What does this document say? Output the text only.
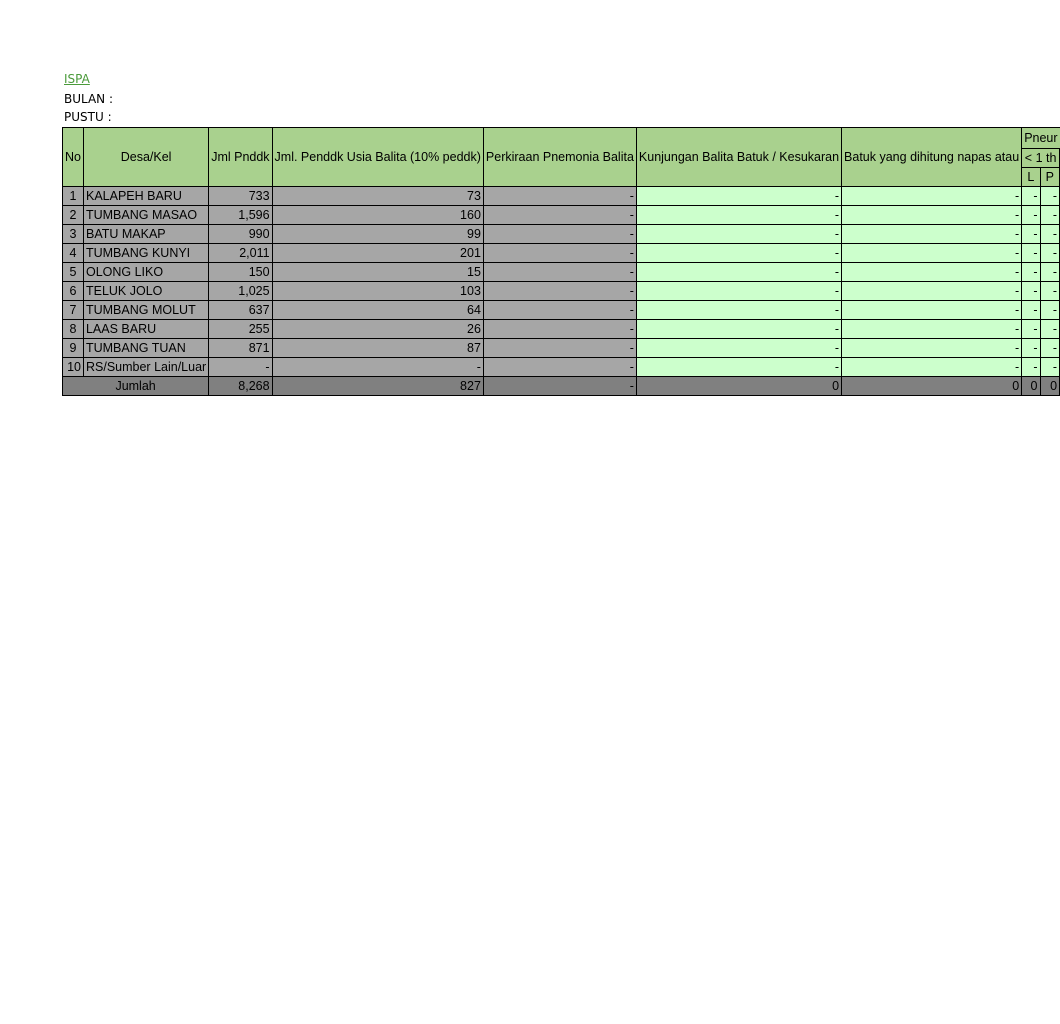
ISPA
BULAN :
PUSTU :
No	Desa/Kel	Jml Pnddk	Jml. Penddk Usia Balita (10% peddk)	Perkiraan Pnemonia Balita	Kunjungan Balita Batuk / Kesukaran	Batuk yang dihitung napas atau	Pneur	
							< 1 th	
							L	P
1	KALAPEH BARU	733	73	-	-	-	-	-
2	TUMBANG MASAO	1,596	160	-	-	-	-	-
3	BATU MAKAP	990	99	-	-	-	-	-
4	TUMBANG KUNYI	2,011	201	-	-	-	-	-
5	OLONG LIKO	150	15	-	-	-	-	-
6	TELUK JOLO	1,025	103	-	-	-	-	-
7	TUMBANG MOLUT	637	64	-	-	-	-	-
8	LAAS BARU	255	26	-	-	-	-	-
9	TUMBANG TUAN	871	87	-	-	-	-	-
10	RS/Sumber Lain/Luar	-	-	-	-	-	-	-
Jumlah		8,268	827	-	0	0	0	0
